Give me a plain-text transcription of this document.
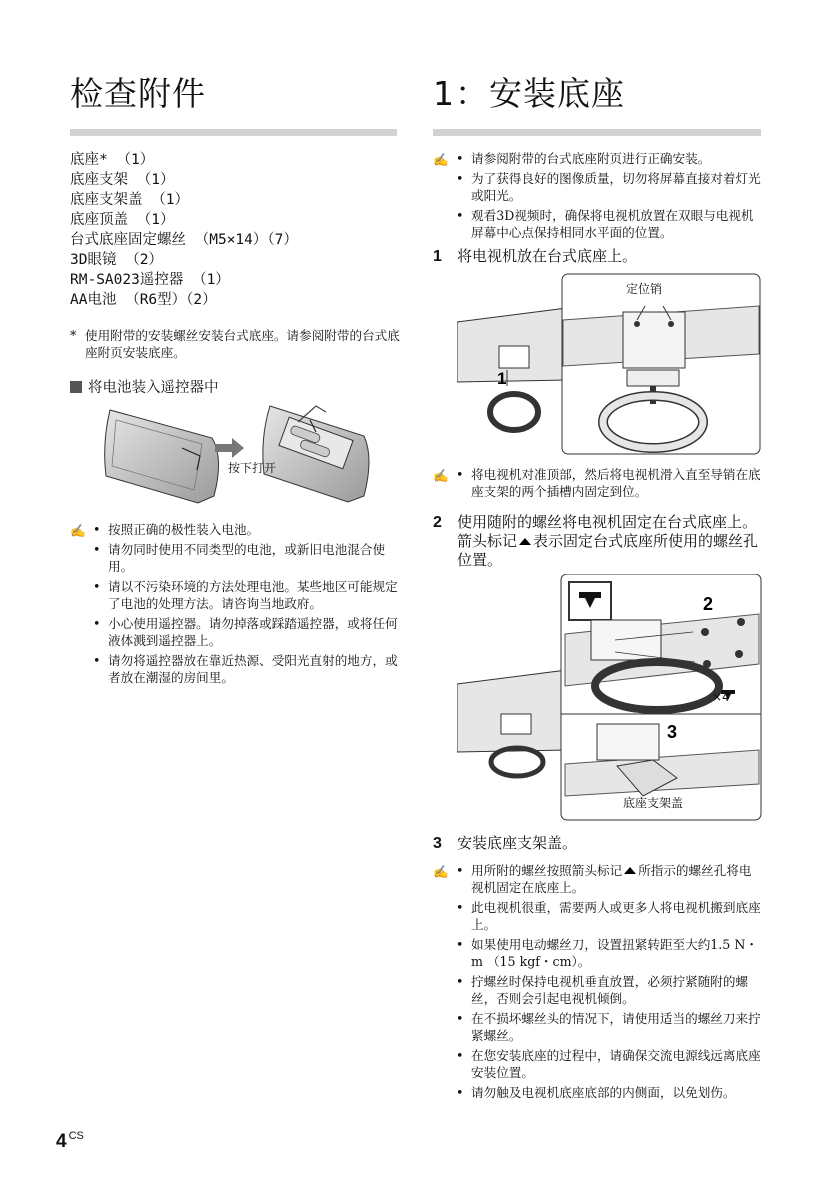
检查附件
底座* （1）
底座支架 （1）
底座支架盖 （1）
底座顶盖 （1）
台式底座固定螺丝 （M5×14）（7）
3D眼镜 （2）
RM-SA023遥控器 （1）
AA电池 （R6型）（2）
* 使用附带的安装螺丝安装台式底座。请参阅附带的台式底座附页安装底座。
将电池装入遥控器中
按下打开
✍ • 按照正确的极性装入电池。
• 请勿同时使用不同类型的电池，或新旧电池混合使用。
• 请以不污染环境的方法处理电池。某些地区可能规定了电池的处理方法。请咨询当地政府。
• 小心使用遥控器。请勿掉落或踩踏遥控器，或将任何液体溅到遥控器上。
• 请勿将遥控器放在靠近热源、受阳光直射的地方，或者放在潮湿的房间里。
1：安装底座
✍ • 请参阅附带的台式底座附页进行正确安装。
• 为了获得良好的图像质量，切勿将屏幕直接对着灯光或阳光。
• 观看3D视频时，确保将电视机放置在双眼与电视机屏幕中心点保持相同水平面的位置。
1	将电视机放在台式底座上。
1
定位销
✍ • 将电视机对准顶部，然后将电视机滑入直至导销在底座支架的两个插槽内固定到位。
2	使用随附的螺丝将电视机固定在台式底座上。箭头标记 表示固定台式底座所使用的螺丝孔位置。
2
3
×4
底座支架盖
3	安装底座支架盖。
✍ • 用所附的螺丝按照箭头标记 所指示的螺丝孔将电视机固定在底座上。
• 此电视机很重，需要两人或更多人将电视机搬到底座上。
• 如果使用电动螺丝刀，设置扭紧转距至大约1.5 N・m （15 kgf・cm）。
• 拧螺丝时保持电视机垂直放置，必须拧紧随附的螺丝，否则会引起电视机倾倒。
• 在不损坏螺丝头的情况下，请使用适当的螺丝刀来拧紧螺丝。
• 在您安装底座的过程中，请确保交流电源线远离底座安装位置。
• 请勿触及电视机底座底部的内侧面，以免划伤。
4 $^{CS}$
